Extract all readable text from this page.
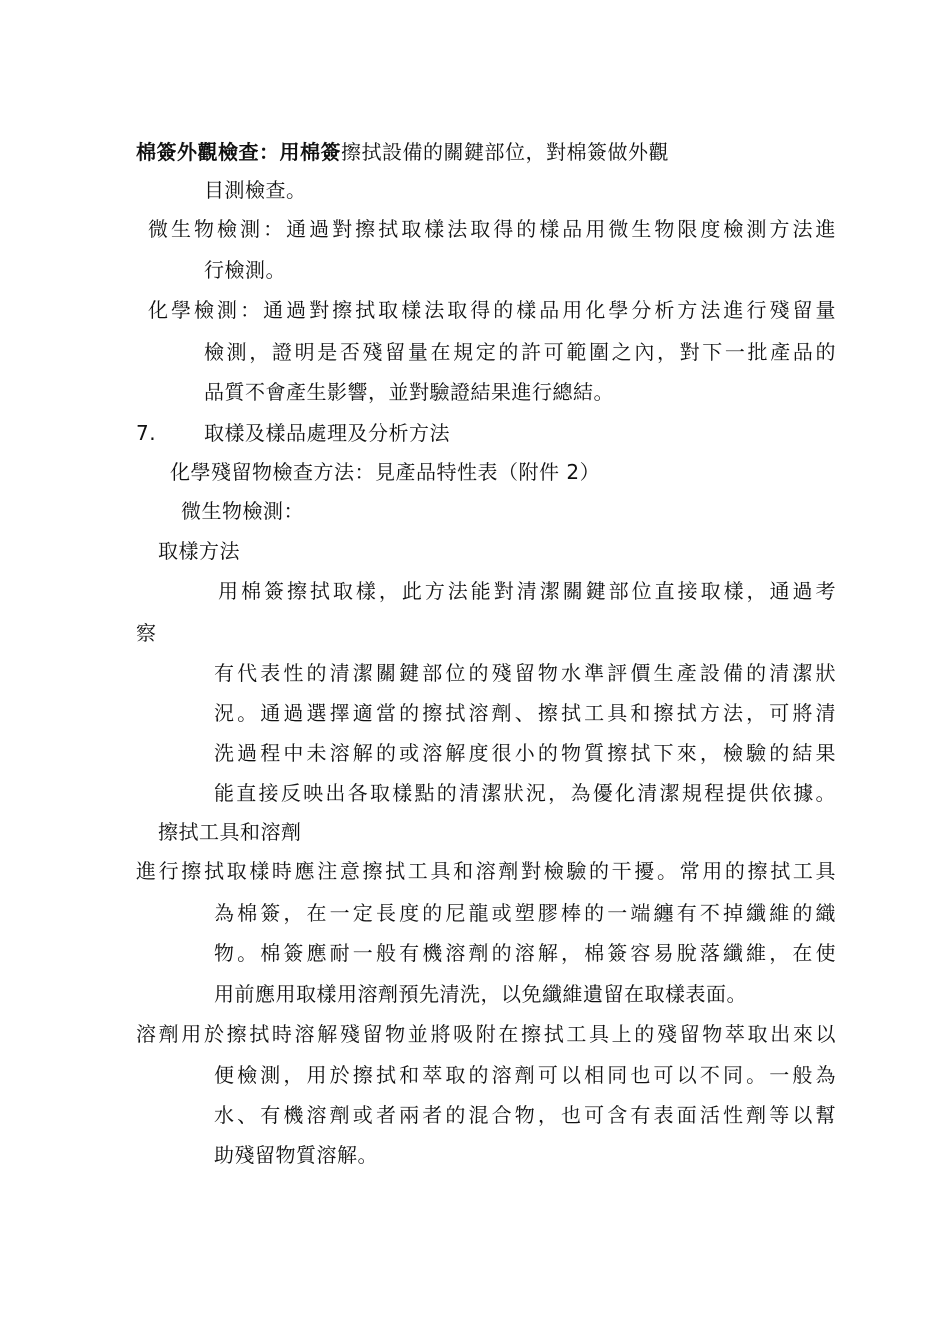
棉簽外觀檢查：用棉簽擦拭設備的關鍵部位，對棉簽做外觀
目測檢查。
微生物檢測：通過對擦拭取樣法取得的樣品用微生物限度檢測方法進
行檢測。
化學檢測：通過對擦拭取樣法取得的樣品用化學分析方法進行殘留量
檢測，證明是否殘留量在規定的許可範圍之內，對下一批產品的
品質不會產生影響，並對驗證結果進行總結。
7. 取樣及樣品處理及分析方法
化學殘留物檢查方法：見產品特性表（附件 2）
微生物檢測：
取樣方法
用棉簽擦拭取樣，此方法能對清潔關鍵部位直接取樣，通過考
察
有代表性的清潔關鍵部位的殘留物水準評價生產設備的清潔狀
況。通過選擇適當的擦拭溶劑、擦拭工具和擦拭方法，可將清
洗過程中未溶解的或溶解度很小的物質擦拭下來，檢驗的結果
能直接反映出各取樣點的清潔狀況，為優化清潔規程提供依據。
擦拭工具和溶劑
進行擦拭取樣時應注意擦拭工具和溶劑對檢驗的干擾。常用的擦拭工具
為棉簽，在一定長度的尼龍或塑膠棒的一端纏有不掉纖維的織
物。棉簽應耐一般有機溶劑的溶解，棉簽容易脫落纖維，在使
用前應用取樣用溶劑預先清洗，以免纖維遺留在取樣表面。
溶劑用於擦拭時溶解殘留物並將吸附在擦拭工具上的殘留物萃取出來以
便檢測，用於擦拭和萃取的溶劑可以相同也可以不同。一般為
水、有機溶劑或者兩者的混合物，也可含有表面活性劑等以幫
助殘留物質溶解。
